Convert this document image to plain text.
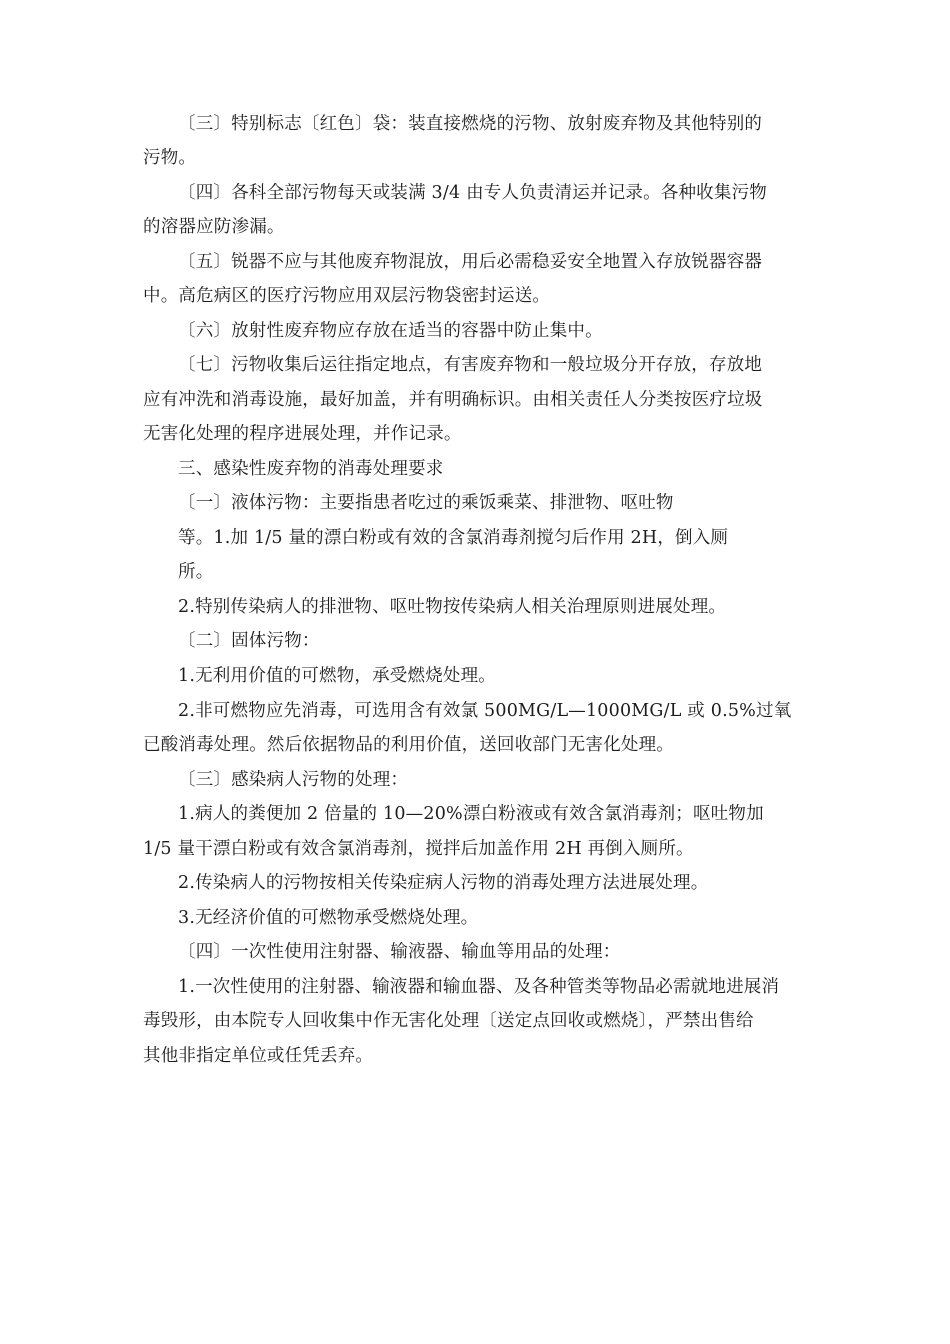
〔三〕特别标志〔红色〕袋：装直接燃烧的污物、放射废弃物及其他特别的
污物。
〔四〕各科全部污物每天或装满 3/4 由专人负责清运并记录。各种收集污物
的溶器应防渗漏。
〔五〕锐器不应与其他废弃物混放，用后必需稳妥安全地置入存放锐器容器
中。高危病区的医疗污物应用双层污物袋密封运送。
〔六〕放射性废弃物应存放在适当的容器中防止集中。
〔七〕污物收集后运往指定地点，有害废弃物和一般垃圾分开存放，存放地
应有冲洗和消毒设施，最好加盖，并有明确标识。由相关责任人分类按医疗垃圾
无害化处理的程序进展处理，并作记录。
三、感染性废弃物的消毒处理要求
〔一〕液体污物：主要指患者吃过的乘饭乘菜、排泄物、呕吐物
等。1.加 1/5 量的漂白粉或有效的含氯消毒剂搅匀后作用 2H，倒入厕
所。
2.特别传染病人的排泄物、呕吐物按传染病人相关治理原则进展处理。
〔二〕固体污物：
1.无利用价值的可燃物，承受燃烧处理。
2.非可燃物应先消毒，可选用含有效氯 500MG/L—1000MG/L 或 0.5%过氧
已酸消毒处理。然后依据物品的利用价值，送回收部门无害化处理。
〔三〕感染病人污物的处理：
1.病人的粪便加 2 倍量的 10—20%漂白粉液或有效含氯消毒剂；呕吐物加
1/5 量干漂白粉或有效含氯消毒剂，搅拌后加盖作用 2H 再倒入厕所。
2.传染病人的污物按相关传染症病人污物的消毒处理方法进展处理。
3.无经济价值的可燃物承受燃烧处理。
〔四〕一次性使用注射器、输液器、输血等用品的处理：
1.一次性使用的注射器、输液器和输血器、及各种管类等物品必需就地进展消
毒毁形，由本院专人回收集中作无害化处理〔送定点回收或燃烧〕，严禁出售给
其他非指定单位或任凭丢弃。
